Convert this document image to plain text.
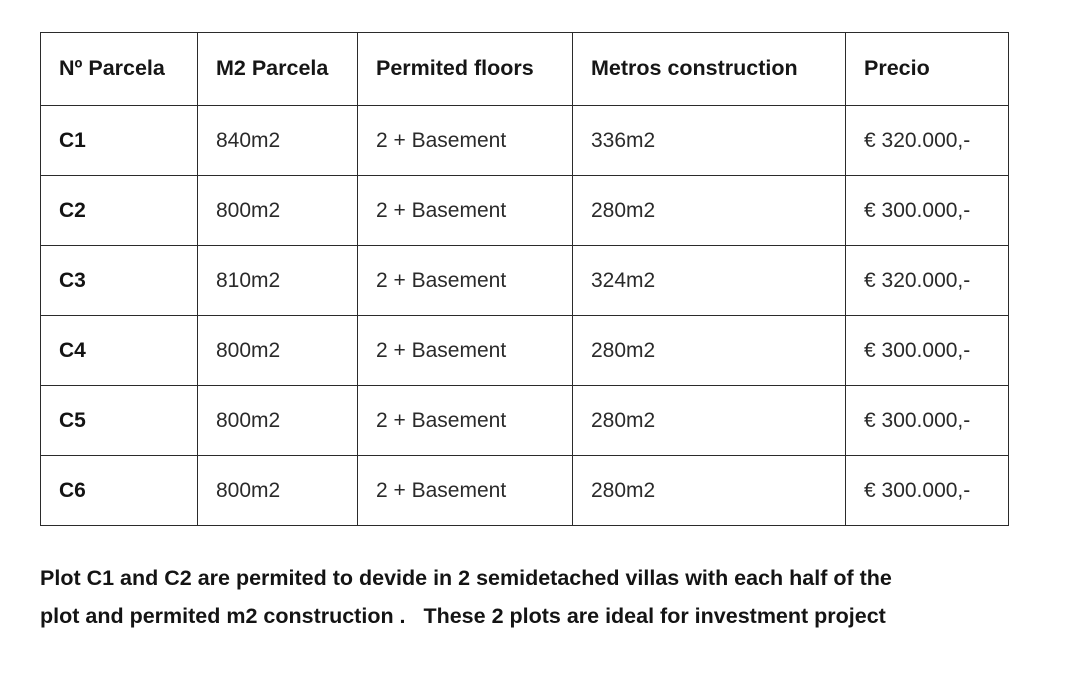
Nº Parcela	M2 Parcela	Permited floors	Metros construction	Precio
C1	840m2	2 + Basement	336m2	€ 320.000,-
C2	800m2	2 + Basement	280m2	€ 300.000,-
C3	810m2	2 + Basement	324m2	€ 320.000,-
C4	800m2	2 + Basement	280m2	€ 300.000,-
C5	800m2	2 + Basement	280m2	€ 300.000,-
C6	800m2	2 + Basement	280m2	€ 300.000,-
Plot C1 and C2 are permited to devide in 2 semidetached villas with each half of the
plot and permited m2 construction .   These 2 plots are ideal for investment project
